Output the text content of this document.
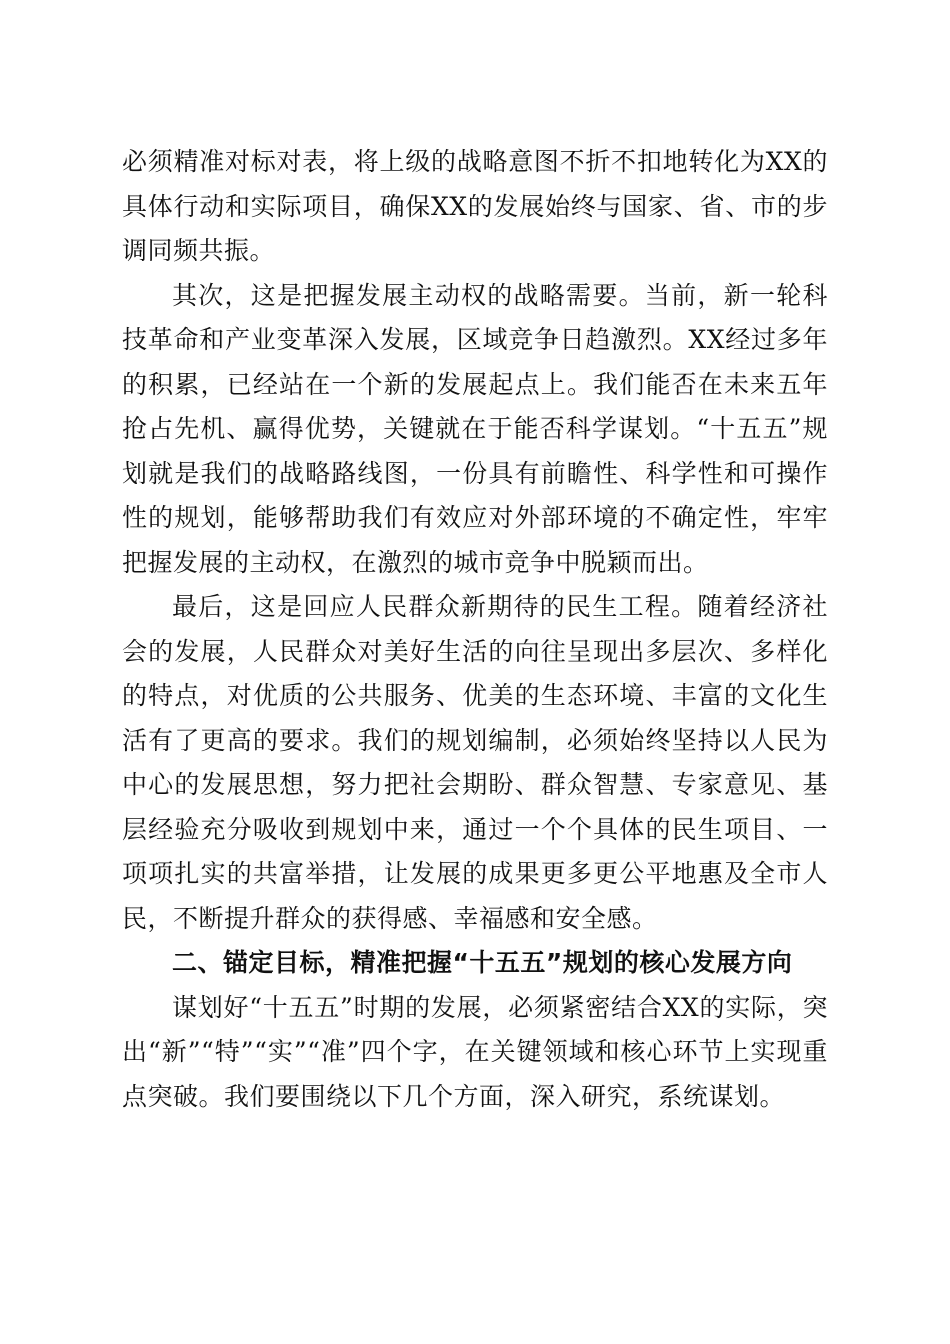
必须精准对标对表，将上级的战略意图不折不扣地转化为XX的具体行动和实际项目，确保XX的发展始终与国家、省、市的步调同频共振。

其次，这是把握发展主动权的战略需要。当前，新一轮科技革命和产业变革深入发展，区域竞争日趋激烈。XX经过多年的积累，已经站在一个新的发展起点上。我们能否在未来五年抢占先机、赢得优势，关键就在于能否科学谋划。“十五五”规划就是我们的战略路线图，一份具有前瞻性、科学性和可操作性的规划，能够帮助我们有效应对外部环境的不确定性，牢牢把握发展的主动权，在激烈的城市竞争中脱颖而出。

最后，这是回应人民群众新期待的民生工程。随着经济社会的发展，人民群众对美好生活的向往呈现出多层次、多样化的特点，对优质的公共服务、优美的生态环境、丰富的文化生活有了更高的要求。我们的规划编制，必须始终坚持以人民为中心的发展思想，努力把社会期盼、群众智慧、专家意见、基层经验充分吸收到规划中来，通过一个个具体的民生项目、一项项扎实的共富举措，让发展的成果更多更公平地惠及全市人民，不断提升群众的获得感、幸福感和安全感。

二、锚定目标，精准把握“十五五”规划的核心发展方向

谋划好“十五五”时期的发展，必须紧密结合XX的实际，突出“新”“特”“实”“准”四个字，在关键领域和核心环节上实现重点突破。我们要围绕以下几个方面，深入研究，系统谋划。
